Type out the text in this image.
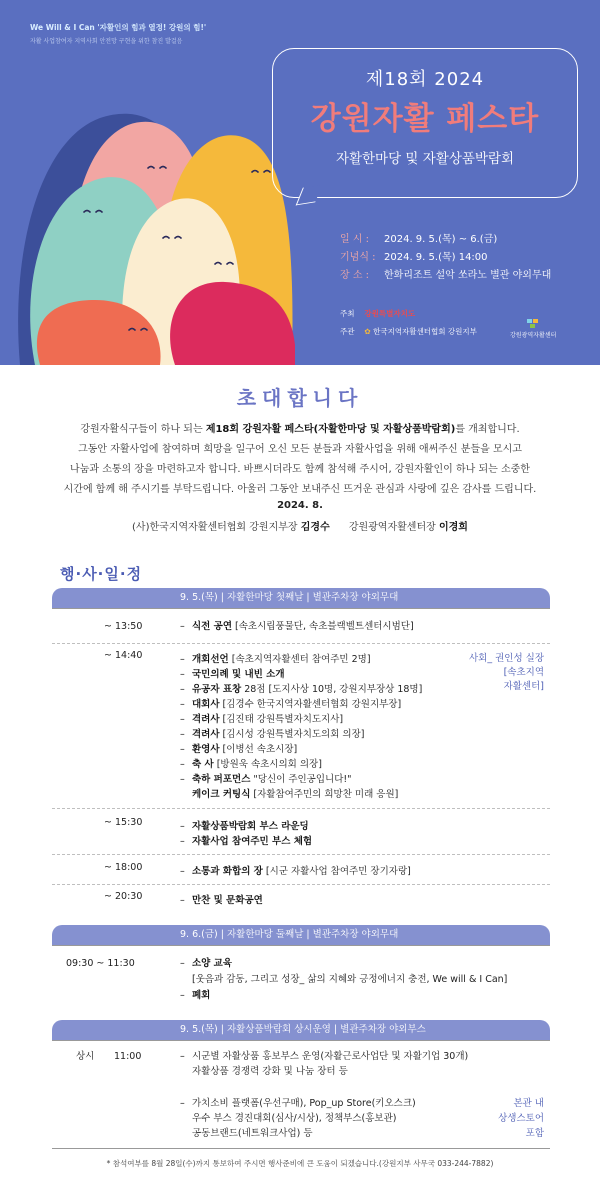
We Will & I Can '자활인의 힘과 열정! 강원의 힘!'
자활 사업참여자 지역사회 안전망 구현을 위한 참진 발걸음
제18회 2024
강원자활 페스타
자활한마당 및 자활상품박람회
일 시 : 2024. 9. 5.(목) ~ 6.(금)
기념식 : 2024. 9. 5.(목) 14:00
장 소 : 한화리조트 설악 쏘라노 별관 야외무대
주최 강원특별자치도
주관 ✿ 한국지역자활센터협회 강원지부	강원광역자활센터
초대합니다
강원자활식구들이 하나 되는 제18회 강원자활 페스타(자활한마당 및 자활상품박람회)를 개최합니다.
그동안 자활사업에 참여하며 희망을 일구어 오신 모든 분들과 자활사업을 위해 애써주신 분들을 모시고
나눔과 소통의 장을 마련하고자 합니다. 바쁘시더라도 함께 참석해 주시어, 강원자활인이 하나 되는 소중한
시간에 함께 해 주시기를 부탁드립니다. 아울러 그동안 보내주신 뜨거운 관심과 사랑에 깊은 감사를 드립니다.
2024. 8.
(사)한국지역자활센터협회 강원지부장 김경수 강원광역자활센터장 이경희
행·사·일·정
9. 5.(목) | 자활한마당 첫째날 | 별관주차장 야외무대
~ 13:50	– 식전 공연 [속초시립풍물단, 속초블랙벨트센터시범단]
~ 14:40	– 개회선언 [속초지역자활센터 참여주민 2명]
– 국민의례 및 내빈 소개
– 유공자 표창 28점 [도지사상 10명, 강원지부장상 18명]
– 대회사 [김경수 한국지역자활센터협회 강원지부장]
– 격려사 [김진태 강원특별자치도지사]
– 격려사 [김시성 강원특별자치도의회 의장]
– 환영사 [이병선 속초시장]
– 축 사 [방원욱 속초시의회 의장]
– 축하 퍼포먼스 "당신이 주인공입니다!"
케이크 커팅식 [자활참여주민의 희망찬 미래 응원]
사회_ 권인성 실장
[속초지역
자활센터]
~ 15:30	– 자활상품박람회 부스 라운딩
– 자활사업 참여주민 부스 체험
~ 18:00	– 소통과 화합의 장 [시군 자활사업 참여주민 장기자랑]
~ 20:30	– 만찬 및 문화공연
9. 6.(금) | 자활한마당 둘째날 | 별관주차장 야외무대
09:30 ~ 11:30	– 소양 교육
[웃음과 감동, 그리고 성장_ 삶의 지혜와 긍정에너지 충전, We will & I Can]
– 폐회
9. 5.(목) | 자활상품박람회 상시운영 | 별관주차장 야외부스
상시 11:00	– 시군별 자활상품 홍보부스 운영(자활근로사업단 및 자활기업 30개)
자활상품 경쟁력 강화 및 나눔 장터 등
– 가치소비 플랫폼(우선구매), Pop_up Store(키오스크)
우수 부스 경진대회(심사/시상), 정책부스(홍보관)
공동브랜드(네트워크사업) 등
본관 내
상생스토어
포함
* 참석여부를 8월 28일(수)까지 통보하여 주시면 행사준비에 큰 도움이 되겠습니다.(강원지부 사무국 033-244-7882)
